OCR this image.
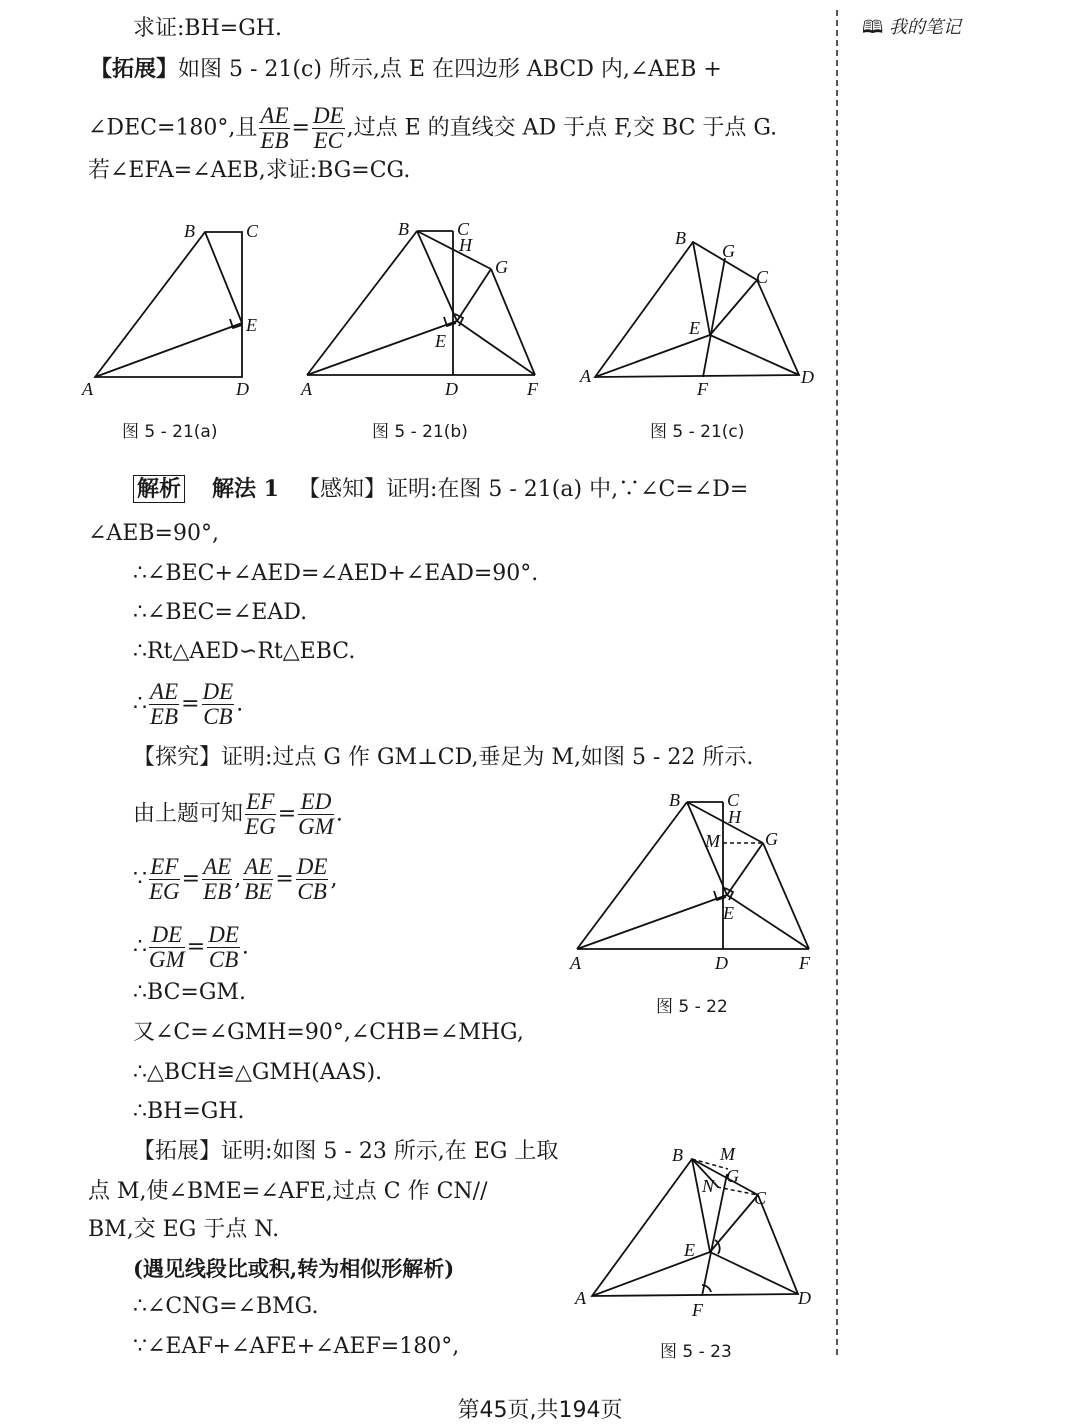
🕮 我的笔记
求证:BH=GH.
【拓展】如图 5 - 21(c) 所示,点 E 在四边形 ABCD 内,∠AEB +
∠DEC=180°,且 $\frac{AE}{EB} = \frac{DE}{EC}$ ,过点 E 的直线交 AD 于点 F,交 BC 于点 G.
若∠EFA=∠AEB,求证:BG=CG.
B	C
E
A	D
图 5 - 21(a)
B	C
H
G
E
A	D	F
图 5 - 21(b)
B
G
C
E
A
F
D
图 5 - 21(c)
解析 解法 1 【感知】证明:在图 5 - 21(a) 中,∵∠C=∠D=
∠AEB=90°,
∴∠BEC+∠AED=∠AED+∠EAD=90°.
∴∠BEC=∠EAD.
∴Rt△AED∽Rt△EBC.
∴ $\frac{AE}{EB} = \frac{DE}{CB}$ .
【探究】证明:过点 G 作 GM⊥CD,垂足为 M,如图 5 - 22 所示.
由上题可知 $\frac{EF}{EG} = \frac{ED}{GM}$ .
∵ $\frac{EF}{EG} = \frac{AE}{EB}$ , $\frac{AE}{BE} = \frac{DE}{CB}$ ,
∴ $\frac{DE}{GM} = \frac{DE}{CB}$ .
∴BC=GM.
又∠C=∠GMH=90°,∠CHB=∠MHG,
∴△BCH≌△GMH(AAS).
∴BH=GH.
【拓展】证明:如图 5 - 23 所示,在 EG 上取
点 M,使∠BME=∠AFE,过点 C 作 CN//
BM,交 EG 于点 N.
(遇见线段比或积,转为相似形解析)
∴∠CNG=∠BMG.
∵∠EAF+∠AFE+∠AEF=180°,
B	C
H
M	G
E
A	D	F
图 5 - 22
B M
G
N
C
E
A
F
D
图 5 - 23
第45页,共194页
